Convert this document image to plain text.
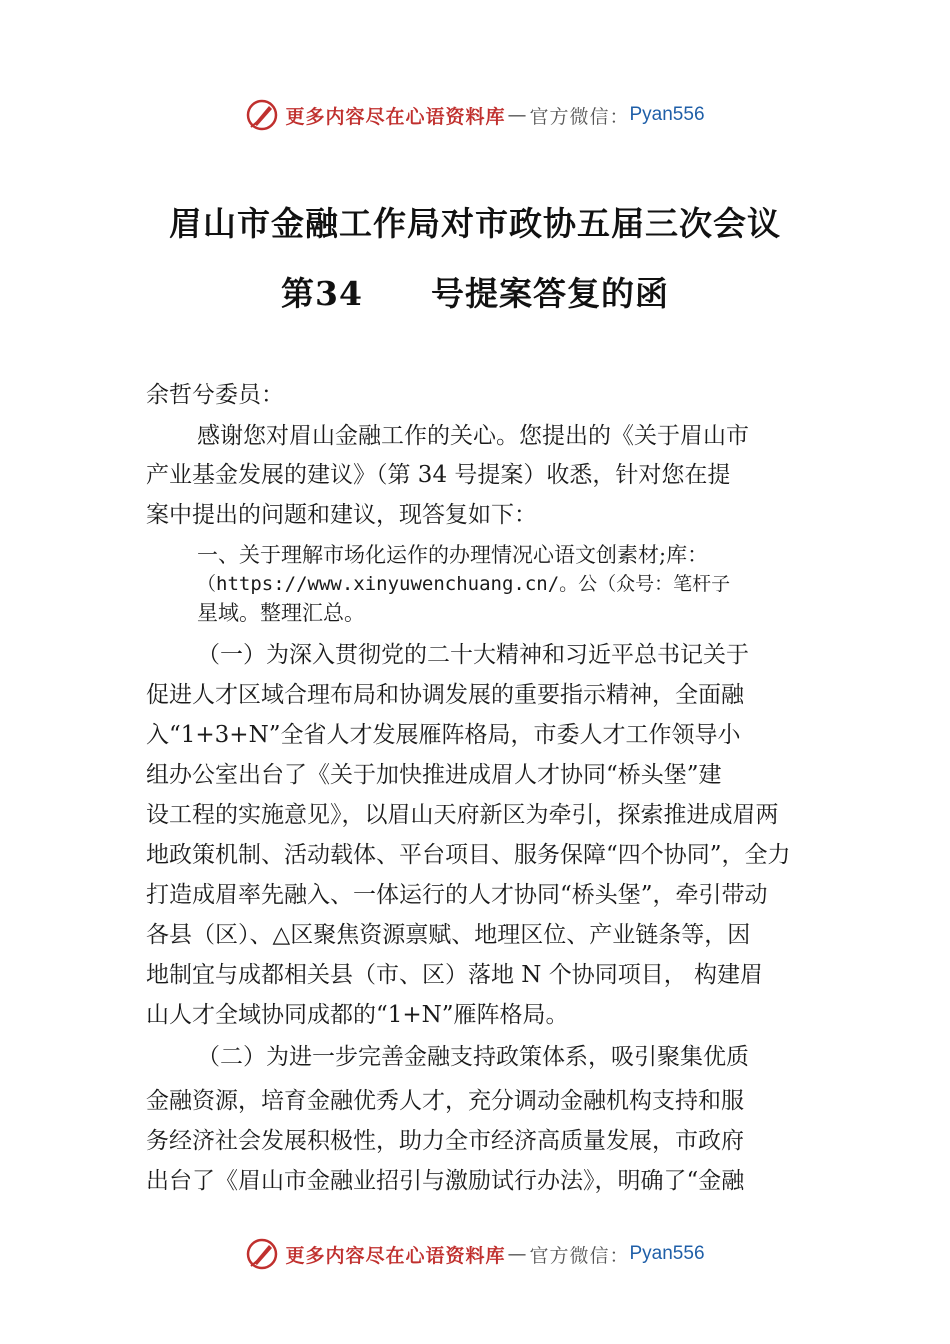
更多内容尽在心语资料库 — 官方微信： Pyan556
眉山市金融工作局对市政协五届三次会议
第34　　号提案答复的函
余哲兮委员：
感谢您对眉山金融工作的关心。您提出的《关于眉山市
产业基金发展的建议》（第 34 号提案）收悉，针对您在提
案中提出的问题和建议，现答复如下：
一、关于理解市场化运作的办理情况心语文创素材;库：
（https://www.xinyuwenchuang.cn/。公（众号：笔杆子
星域。整理汇总。
（一）为深入贯彻党的二十大精神和习近平总书记关于
促进人才区域合理布局和协调发展的重要指示精神，全面融
入“1+3+N”全省人才发展雁阵格局，市委人才工作领导小
组办公室出台了《关于加快推进成眉人才协同“桥头堡”建
设工程的实施意见》，以眉山天府新区为牵引，探索推进成眉两
地政策机制、活动载体、平台项目、服务保障“四个协同”，全力
打造成眉率先融入、一体运行的人才协同“桥头堡”，牵引带动
各县（区）、△区聚焦资源禀赋、地理区位、产业链条等，因
地制宜与成都相关县（市、区）落地 N 个协同项目， 构建眉
山人才全域协同成都的“1+N”雁阵格局。
（二）为进一步完善金融支持政策体系，吸引聚集优质
金融资源，培育金融优秀人才，充分调动金融机构支持和服
务经济社会发展积极性，助力全市经济高质量发展，市政府
出台了《眉山市金融业招引与激励试行办法》，明确了“金融
更多内容尽在心语资料库 — 官方微信： Pyan556
